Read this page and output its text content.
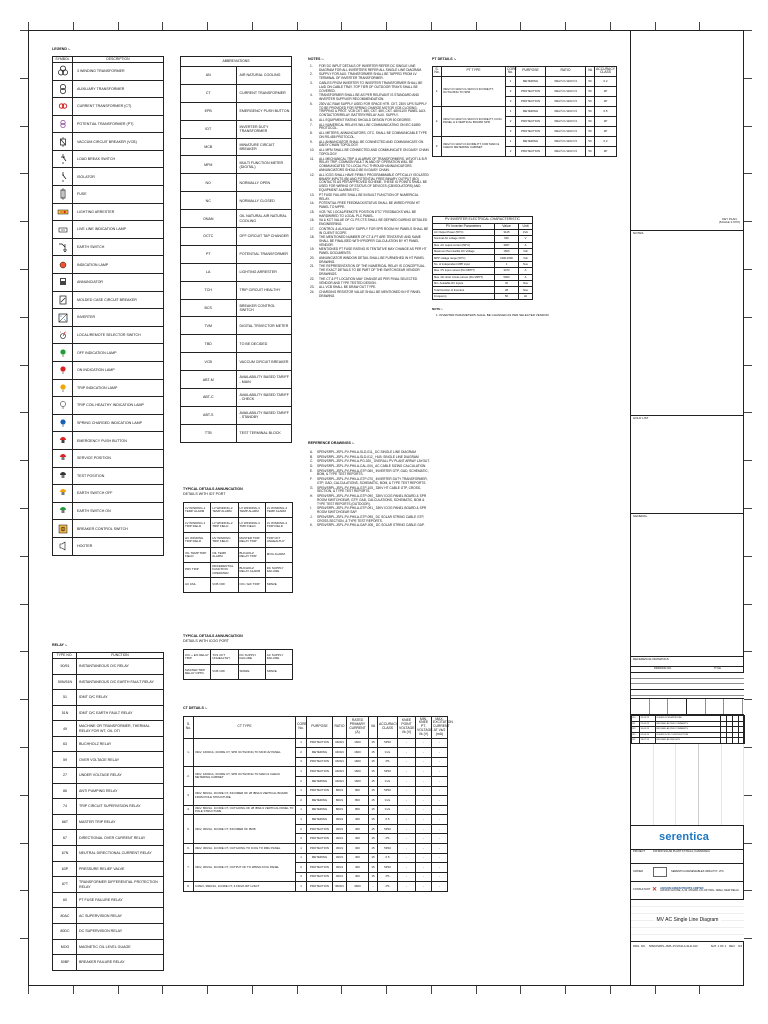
LEGEND :-
SYMBOL	DESCRIPTION

	3 WINDING TRANSFORMER

	AUXILIARY TRANSFORMER

	CURRENT TRANSFORMER (CT)

	POTENTIAL TRANSFORMER (PT)

	VACCUM CIRCUIT BREAKER (VCB)

	LOAD BREAK SWITCH

	ISOLATOR

	FUSE

	LIGHTING ARRESTER

	LIVE LINE INDICATION LAMP

	EARTH SWITCH

	INDICATION LAMP

	ANNUNCIATOR

	MOLDED CASE CIRCUIT BREAKER

	INVERTER

	LOCAL/REMOTE SELECTOR SWITCH

	OFF INDICATION LAMP

	ON INDICATION LAMP

	TRIP INDICATION LAMP

	TRIP COIL HEALTHY INDICATION LAMP

	SPRING CHARGED INDICATION LAMP

	EMERGENCY PUSH BUTTON

	SERVICE POSITION

	TEST POSITION

	EARTH SWITCH OFF

	EARTH SWITCH ON

	BREAKER CONTROL SWITCH

	HOOTER
RELAY :-
TYPE NO.	FUNCTION
50/51	INSTANTANEOUS O/C RELAY
50N/51N	INSTANTANEOUS O/C EARTH FAULT RELAY
51	IDMT O/C RELAY
51N	IDMT O/C EARTH FAULT RELAY
49	MACHINE OR TRANSFORMER, THERMAL RELAY FOR WT, OIL OTI
63	BUCHHOLZ RELAY
59	OVER VOLTAGE RELAY
27	UNDER VOLTAGE RELAY
86	ANTI PUMPING RELAY
74	TRIP CIRCUIT SUPERVISION RELAY
86T	MASTER TRIP RELAY
67	DIRECTIONAL OVER CURRENT RELAY
67N	NEUTRAL DIRECTIONAL CURRENT RELAY
63P	PRESSURE RELIEF VALVE
87T	TRANSFORMER DIFFERENTIAL PROTECTION RELAY
60	PT FUSE FAILURE RELAY
80AC	AC SUPERVISION RELAY
80DC	DC SUPERVISION RELAY
MOG	MAGNETIC OIL LEVEL GUAGE
50BF	BREAKER FAILURE RELAY
ABBREVIATIONS	
AN	AIR NATURAL COOLING
CT	CURRENT TRANSFORMER
EPB	EMERGENCY PUSH BUTTON
IDT	INVERTER DUTY TRANSFORMER
MCB	MINIATURE CIRCUIT BREAKER
MFM	MULTI FUNCTION METER (DIGITAL)
NO	NORMALLY OPEN
NC	NORMALLY CLOSED
ONAN	OIL NATURAL AIR NATURAL COOLING
OCTC	OFF CIRCUIT TAP CHANGER
PT	POTENTIAL TRANSFORMER
LA	LIGHTING ARRESTER
TCH	TRIP CIRCUIT HEALTHY
BCS	BREAKER CONTROL SWITCH
TVM	DIGITAL TRIVECTOR METER
TBD	TO BE DECIDED
VCB	VACCUM CIRCUIT BREAKER
ABT-M	AVAILABILITY BASED TARIFF - MAIN
ABT-C	AVAILABILITY BASED TARIFF - CHECK
ABT-S	AVAILABILITY BASED TARIFF - STANDBY
TTB	TEST TERMINAL BLOCK
TYPICAL DETAILS ANNUNCIATION
DETAILS WITH IDT PORT
LV WINDING-1 TEMP ALARM	LV WINDING-2 TEMP ALARM	LV WINDING-3 TEMP ALARM	LV WINDING-4 TEMP ALARM
LV WINDING-1 TRIP FIELD	LV WINDING-2 TRIP FIELD	LV WINDING-3 TRIP FIELD	LV WINDING-4 TRIP FIELD
HV WINDING TRIP FIELD	HV WINDING TRIP FIELD	MASTER TRIP RELAY TRIP	TRIP CKT UNHEALTHY
OIL TEMP TRIP FIELD	OIL TEMP ALARM	BUCHOLZ RELAY TRIP	MOG ALARM
PRV TRIP	DIFFERENTIAL FUNCTION OPERATED	BUCHOLZ RELAY ALARM	DC SUPPLY FAILURE
AC FAIL	VCB OFF	O/C / E/F TRIP	SPARE
TYPICAL DETAILS ANNUNCIATION
DETAILS WITH ICOG PORT
O/C + E/F RELAY TRIP	TCS CKT UNHEALTHY	DC SUPPLY FAILURE	AC SUPPLY FAILURE
MASTER TRIP RELAY OPTD.	VCB OFF	SPARE	SPARE
NOTES :-
1.	FOR DC INPUT DETAILS OF INVERTER REFER DC SINGLE LINE DIAGRAM FOR ALL INVERTERS REFER ALL SINGLE LINE DIAGRAM.
2.	SUPPLY FOR AUX. TRANSFORMER SHALL BE TAPPED FROM LV TERMINAL OF INVERTER TRANSFORMER.
3.	CABLES FROM INVERTER TO INVERTER TRANSFORMER SHALL BE LAID ON CABLE TRAY. TOP TIER OF OUTDOOR TRAYS SHALL BE COVERED.
4.	TRANSFORMER SHALL BE AS PER RELEVANT IS STANDARD AND INVERTER SUPPLIER RECOMMENDATION.
5.	230V AC RAW SUPPLY USED FOR SPACE HTR. CKT. 230V UPS SUPPLY TO BE PROVIDED FOR SPRING CHARGE MOTOR VCB CLOSING, TRIPPING & PROT. VCB CKT. 48V, CKT. 48V, CKT. 48V/110V PANEL AUX. CONTACTOR/RELAY. BATTERY/RELAY AUX. SUPPLY.
6.	ALL EQUIPMENT RATING SHOULD DESIGN FOR 50 DEGREE.
7.	ALL NUMERICAL RELAYS WILL BE COMMUNICATING ON IEC 61850 PROTOCOL.
8.	ALL METERS, ANNUNCIATORS, OTC. SHALL BE COMMUNICABLE TYPE ON RS-485 PROTOCOL.
9.	ALL ANNUNCIATOR SHALL BE CONNECTED AND COMMUNICATE ON DAISY CHAIN TOPOLOGY.
10.	ALL MFM SHALL BE CONNECTED AND COMMUNICATE ON DAISY CHAIN TOPOLOGY.
11.	ALL MECHANICAL TRIP & ALARMS OF TRANSFORMERS, WTI/OTI & B.R RELAY TRIP, COMMON FAULT IN AND SF OPERATION WILL BE COMMUNICATED TO LOCAL PLC THROUGH ANNUNCIATORS. ANNUNCIATORS SHOULD BE IN DAISY CHAIN.
12.	ALL ICOG SHALL HAVE FIRMLY PROGRAMMABLE OPTICALLY ISOLATED BINARY INPUTS (BI) AND POTENTIAL FREE BINARY OUTPUT (BO) CONTACTS AS PER APPROVED SCHEME. THESE IO POINTS SHALL BE USED FOR WIRING OF STATUS OF DEVICES (CB/ISOLATORS) AND EQUIPMENT ALARMS ETC.
13.	PT FUSE FAILURE SHALL BE IN BUILT FUNCTION OF NUMERICAL RELAY.
14.	POTENTIAL FREE FEEDBACK/STATUS SHALL BE WIRED FROM HT PANEL TO MPPE.
15.	VCB "NC LOCAL/REMOTE POSITION ETC" FEEDBACKS WILL BE HARDWIRED TO LOCAL PLC PANEL.
16.	VA & KCT VALUE OF CL PS CTS SHALL BE DEFINED DURING DETAILED ENGINEERING.
17.	CONTROL & AUXILIARY SUPPLY FOR SPR ROOM HV PANELS SHALL BE IN CLIENT SCOPE.
18.	THE MENTIONED NUMBER OF CT & PT ARE TENTATIVE AND SAME SHALL BE FINALISED WITH PROPER CALCULATION BY HT PANEL VENDOR.
19.	MENTIONED PT FUSE RATING IS TENTATIVE MAY CHANGE AS PER HT PANEL DOCUMENTS.
20.	ANNUNCIATOR WINDOW DETAIL SHALL BE FURNISHED IN HT PANEL DRAWING.
21.	THE REPRESENTATION OF THE NUMERICAL RELAY IS CONCEPTUAL. THE EXACT DETAILS TO BE PART OF THE SWITCHGEAR VENDOR DRAWINGS.
22.	THE CT & PT LOCATION MAY CHANGE AS PER FINAL SELECTED VENDOR AND TYPE TESTED DESIGN.
23.	ALL VCB SHALL BE DRAW OUT TYPE.
24.	CHARGING RESISTOR VALUE SHALL BE MENTIONED IN HT PANEL DRAWING.
REFERENCE DRAWINGS :-
A.	SPEN/SRPL-JSPL-PV-PHILA-SLD-011_ DC SINGLE LINE DIAGRAM
B.	SPEN/SRPL-JSPL-PV-PHILA-SLD-012_ HLB: SINGLE LINE DIAGRAM
C.	SPEN/SRPL-JSPL-PV-PHILA-PO-020_ OVERALL PV PLANT ARRAY LAYOUT.
D.	SPEN/SRPL-JSPL-PV-PHILA-CAL-004_ AC CABLE SIZING CALCULATION.
E.	SPEN/SRPL-JSPL-PV-PHILA-GTP-060_ INVERTER GTP, GAD, SCHEMATIC, BOM, & TYPE TEST REPORTS.
F.	SPEN/SRPL-JSPL-PV-PHILA-GTP-070_ INVERTER DUTY TRANSFORMER, GTP, GAD, CALCULATIONS, SCHEMATIC, BOM, & TYPE TEST REPORTS.
G.	SPEN/SRPL-JSPL-PV-PHILA-GTP-105_ 33KV HT CABLE GTP, CROSS-SECTION, & TYPE TEST REPORTS.
H.	SPEN/SRPL-JSPL-PV-PHILA-GTP-090_ 33KV ICOG PANEL BOARD & SPR ROOM SWITCHGEAR, GTP, GAD, CALCULATIONS, SCHEMATIC, BOM & TYPE TEST REPORTS (OUTDOOR).
I.	SPEN/SRPL-JSPL-PV-PHILA-GTP-091_ 33KV ICOG PANEL BOARD & SPR ROOM SWITCHGEAR SAP.
J.	SPEN/SRPL-JSPL-PV-PHILA-GTP-095_ DC SOLAR STRING CABLE GTP, CROSS-SECTION, & TYPE TEST REPORTS.
K.	SPEN/SRPL-JSPL-PV-PHILA-GAP-005_ DC SOLAR STRING CABLE GAP.
CT DETAILS :-
S. No.	CT TYPE	CORE No.	PURPOSE	RATIO	RATED PRIMARY CURRENT (A)	VA	ACCURACY CLASS	KNEE POINT VOLTAGE Vk (V)	MIN. KNEE PT. VOLTAGE Vk (V)	MAX. EXCITATION CURRENT AT Vk/2 (mA)
1.	33kV, 1600/1A, 3CORE CT, SPR OUTGOING TO MCR HV PANEL	1	PROTECTION	1600/1	1600	15	5P20	-	-	-
		2	METERING	1600/1	1600	15	0.2s	-	-	-
		3	PROTECTION	1600/1	1600	15	PS	-	-	-
2.	33kV, 1600/1A, 3CORE CT, SPR OUTGOING TO MAIN & CHECK METERING CABINET	1	PROTECTION	1600/1	1600	15	5P20	-	-	-
		2	METERING	1600/1	1600	15	0.2s	-	-	-
3.	33kV, 800/1A, 3CORE CT, INCOMER OF 28 IBNA 9 VERTICAL BOARD FROM POLE STRUCTURE	1	PROTECTION	800/1	800	15	5P20	-	-	-
		2	METERING	800/1	800	15	0.2s	-	-	-
4.	33kV, 800/1A, 1CORE CT, OUTGOING OF 28 IBNA 9 VERTICAL PANEL TO POLE STRUCTURE	1	METERING	800/1	800	15	0.2s	-	-	-
5.	33kV, 300/1A, 3CORE CT, INCOMER OF IBCB	1	METERING	300/1	300	15	0.5	-	-	-
		2	PROTECTION	300/1	300	15	5P20	-	-	-
		3	PROTECTION	300/1	300	15	PS	-	-	-
6.	33kV, 300/1A, 1CORE CT, OUTGOING TO ICOG TO RMU PANEL	1	PROTECTION	300/1	300	15	5P20	-	-	-
7.	33kV, 300/1A, 3CORE CT, OUTPUT OF TO 28MVA ICOG PANEL	1	METERING	300/1	300	15	0.5	-	-	-
		2	PROTECTION	300/1	300	15	5P20	-	-	-
		3	PROTECTION	300/1	300	15	PS	-	-	-
8.	0.66kV, 3600/1A, 1CORE CT, 3.15kVA IDT LV&CT	1	PROTECTION	3600/1	3600	-	PS	-	-	-
PT DETAILS :-
S. No.	PT TYPE	CORE No.	PURPOSE	RATIO	VA	ACCURACY CLASS
1.	33kV/√3 /110V/√3 /110V/√3 3CORE PT, OUTGOING TO SPR	1	METERING	33kV/√3 /110V/√3	50	0.2
		2	PROTECTION	33kV/√3 /110V/√3	50	3P
		3	PROTECTION	33kV/√3 /110V/√3	50	3P
2.	33kV/√3 /110V/√3 /110V/√3 3CORE PT, ICOG PANEL & 9 VERTICAL BOARD SPR	1	METERING	33kV/√3 /110V/√3	50	0.5
		2	PROTECTION	33kV/√3 /110V/√3	50	3P
		3	PROTECTION	33kV/√3 /110V/√3	50	3P
3.	33kV/√3 /110V/√3 2CORE PT, FOR MAIN & CHECK METERING CABINET	1	METERING	33kV/√3 /110V/√3	50	0.2
		2	PROTECTION	33kV/√3 /110V/√3	50	3P
PV INVERTER ELECTRICAL CHARACTERISTIC		
PV Inverter Parameters	Value	Unit
AC Output Power (50°C)	3125	kVA
Nominal AC voltage ±10%	600	V
Max. AC output current (50°C)	3007	A
Maximum Permissible DC Voltage	1500	Vdc
MPP voltage range (50°C)	1300-1500	Vdc
No. of independent MPP input	1	Nos
Max. PV input current (Per MPPT)	3473	A
Max. DC short circuit current (Per MPPT)	5000	A
Min. Available DC Inputs	32	Nos
Total Number of Inverters	28	Nos
Frequency	50	Hz
NOTE :-
1. INVERTER PARAMETERS SHALL BE CHANGED AS PER SELECTED VENDOR.
KEY PLAN
(SCALE 1:XXX)
NOTES
HOLD LIST
GENERAL
REFERENCE DRAWINGS
DRAWING NO.	TITLE
R0	15.03.23	ISSUED FOR APPROVAL				
R1	22.04.23	REVISED AS PER COMMENTS				
R2	10.05.23	REVISED AS PER COMMENTS				
R3	02.06.23	ISSUED FOR CONSTRUCTION				
R4	18.07.23	REVISED AS PER SITE				
serentica
PROJECT	150 MW SOLAR PLANT AT PHILA, KARNATAKA
OWNER	SERENTICA RENEWABLES INDIA PVT. LTD.
CONSULTANT ✕ JAKSON GREEN PRIVATE LIMITED
JAKSON HOUSE, A-43, MOHAN CO-OP. INDL. AREA, NEW DELHI
MV AC Single Line Diagram
DRG. NO. SPEN/SRPL-JSPL-PV-PHILA-SLD-013	SHT. 1 OF 1 REV. R4
